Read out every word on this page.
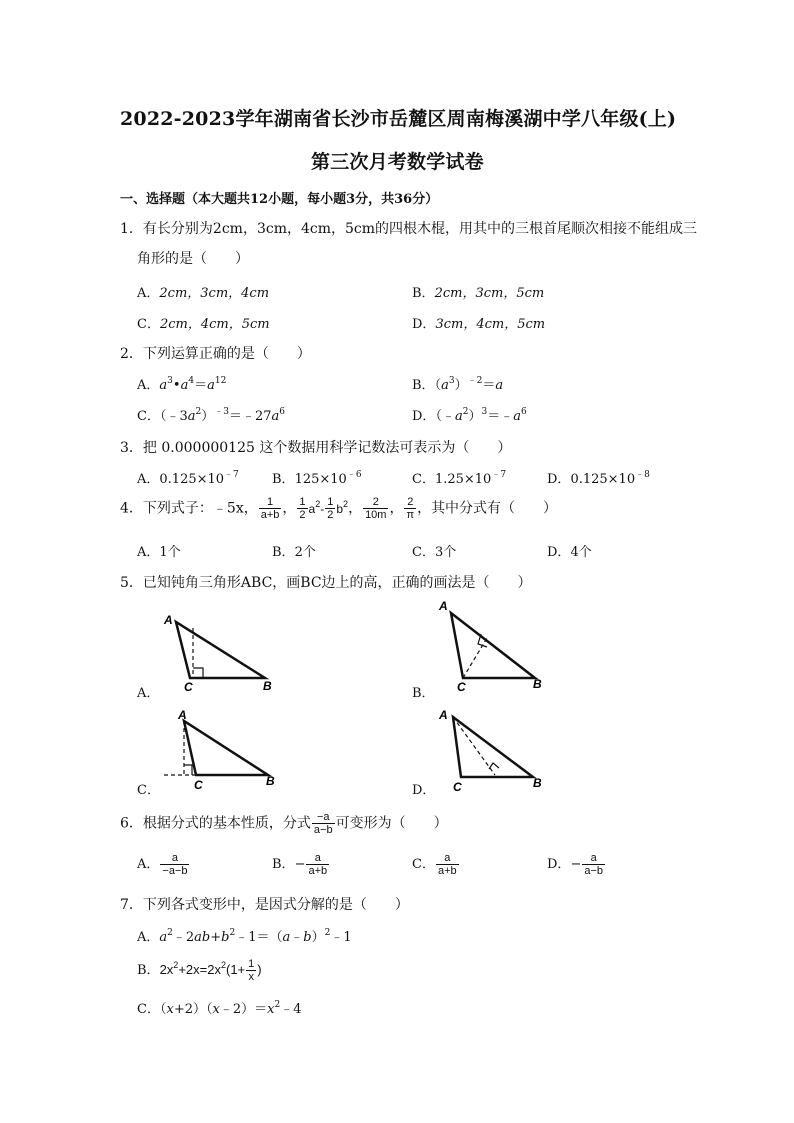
2022-2023学年湖南省长沙市岳麓区周南梅溪湖中学八年级(上)
第三次月考数学试卷
一、选择题（本大题共12小题，每小题3分，共36分）
1．有长分别为2cm，3cm，4cm，5cm的四根木棍，用其中的三根首尾顺次相接不能组成三
角形的是（　　）
A．2cm，3cm，4cm	B．2cm，3cm，5cm
C．2cm，4cm，5cm	D．3cm，4cm，5cm
2．下列运算正确的是（　　）
A．$a^3•a^4=a^{12}$	B．$(a^3)^{﹣2}=a$
C．$(﹣3a^2)^{﹣3}=﹣27a^6$	D．$(﹣a^2)^3=﹣a^6$
3．把 0.000000125 这个数据用科学记数法可表示为（　　）
A．$0.125\times 10^{﹣7}$	B．$125\times 10^{﹣6}$	C．$1.25\times 10^{﹣7}$	D．$0.125\times 10^{﹣8}$
4．下列式子：﹣5x， $\frac{1}{a+b}$ ， $\frac{1}{2} a^2- \frac{1}{2} b^2$， $\frac{2}{10m}$ ， $\frac{2}{\pi}$ ，其中分式有（　　）
A．1个	B．2个	C．3个	D．4个
5．已知钝角三角形ABC，画BC边上的高，正确的画法是（　　）
A．
A
C	B	B．
A
C	B
C．
A
C	B
D．
A
C	B
6．根据分式的基本性质，分式 $\frac{-a}{a-b}$ 可变形为（　　）
A． $\frac{a}{-a-b}$	B．− $\frac{a}{a+b}$	C． $\frac{a}{a+b}$	D．− $\frac{a}{a-b}$
7．下列各式变形中，是因式分解的是（　　）
A．$a^2﹣2ab+b^2﹣1=(a﹣b)^2﹣1$
B．$2x^2+2x=2x^2(1+ \frac{1}{x}$ )
C．$(x+2)(x﹣2)=x^2﹣4$
